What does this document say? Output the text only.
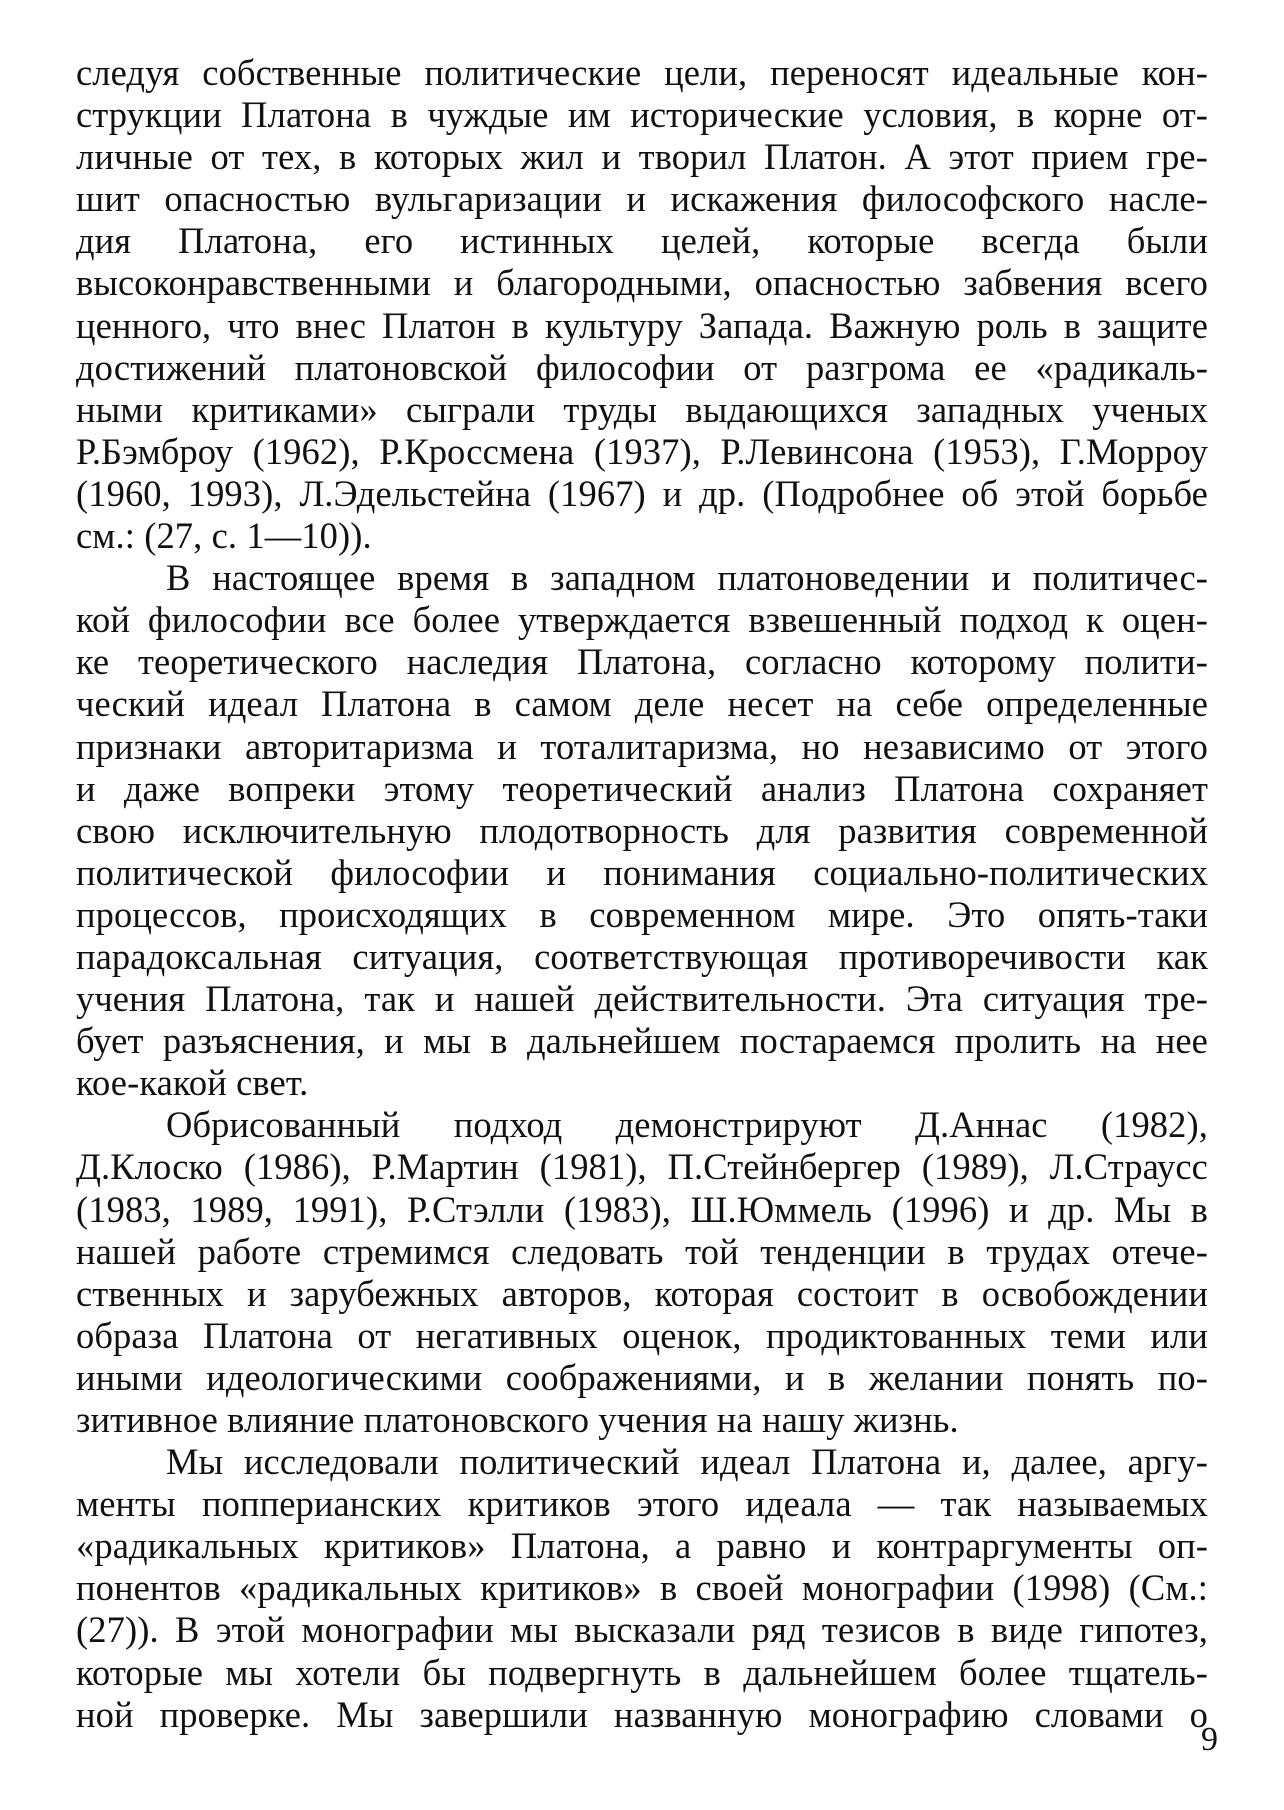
следуя собственные политические цели, переносят идеальные кон-
струкции Платона в чуждые им исторические условия, в корне от-
личные от тех, в которых жил и творил Платон. А этот прием гре-
шит опасностью вульгаризации и искажения философского насле-
дия Платона, его истинных целей, которые всегда были
высоконравственными и благородными, опасностью забвения всего
ценного, что внес Платон в культуру Запада. Важную роль в защите
достижений платоновской философии от разгрома ее «радикаль-
ными критиками» сыграли труды выдающихся западных ученых
Р.Бэмброу (1962), Р.Кроссмена (1937), Р.Левинсона (1953), Г.Морроу
(1960, 1993), Л.Эдельстейна (1967) и др. (Подробнее об этой борьбе
см.: (27, с. 1—10)).
В настоящее время в западном платоноведении и политичес-
кой философии все более утверждается взвешенный подход к оцен-
ке теоретического наследия Платона, согласно которому полити-
ческий идеал Платона в самом деле несет на себе определенные
признаки авторитаризма и тоталитаризма, но независимо от этого
и даже вопреки этому теоретический анализ Платона сохраняет
свою исключительную плодотворность для развития современной
политической философии и понимания социально-политических
процессов, происходящих в современном мире. Это опять-таки
парадоксальная ситуация, соответствующая противоречивости как
учения Платона, так и нашей действительности. Эта ситуация тре-
бует разъяснения, и мы в дальнейшем постараемся пролить на нее
кое-какой свет.
Обрисованный подход демонстрируют Д.Аннас (1982),
Д.Клоско (1986), Р.Мартин (1981), П.Стейнбергер (1989), Л.Страусс
(1983, 1989, 1991), Р.Стэлли (1983), Ш.Юммель (1996) и др. Мы в
нашей работе стремимся следовать той тенденции в трудах отече-
ственных и зарубежных авторов, которая состоит в освобождении
образа Платона от негативных оценок, продиктованных теми или
иными идеологическими соображениями, и в желании понять по-
зитивное влияние платоновского учения на нашу жизнь.
Мы исследовали политический идеал Платона и, далее, аргу-
менты попперианских критиков этого идеала — так называемых
«радикальных критиков» Платона, а равно и контраргументы оп-
понентов «радикальных критиков» в своей монографии (1998) (См.:
(27)). В этой монографии мы высказали ряд тезисов в виде гипотез,
которые мы хотели бы подвергнуть в дальнейшем более тщатель-
ной проверке. Мы завершили названную монографию словами о
9
